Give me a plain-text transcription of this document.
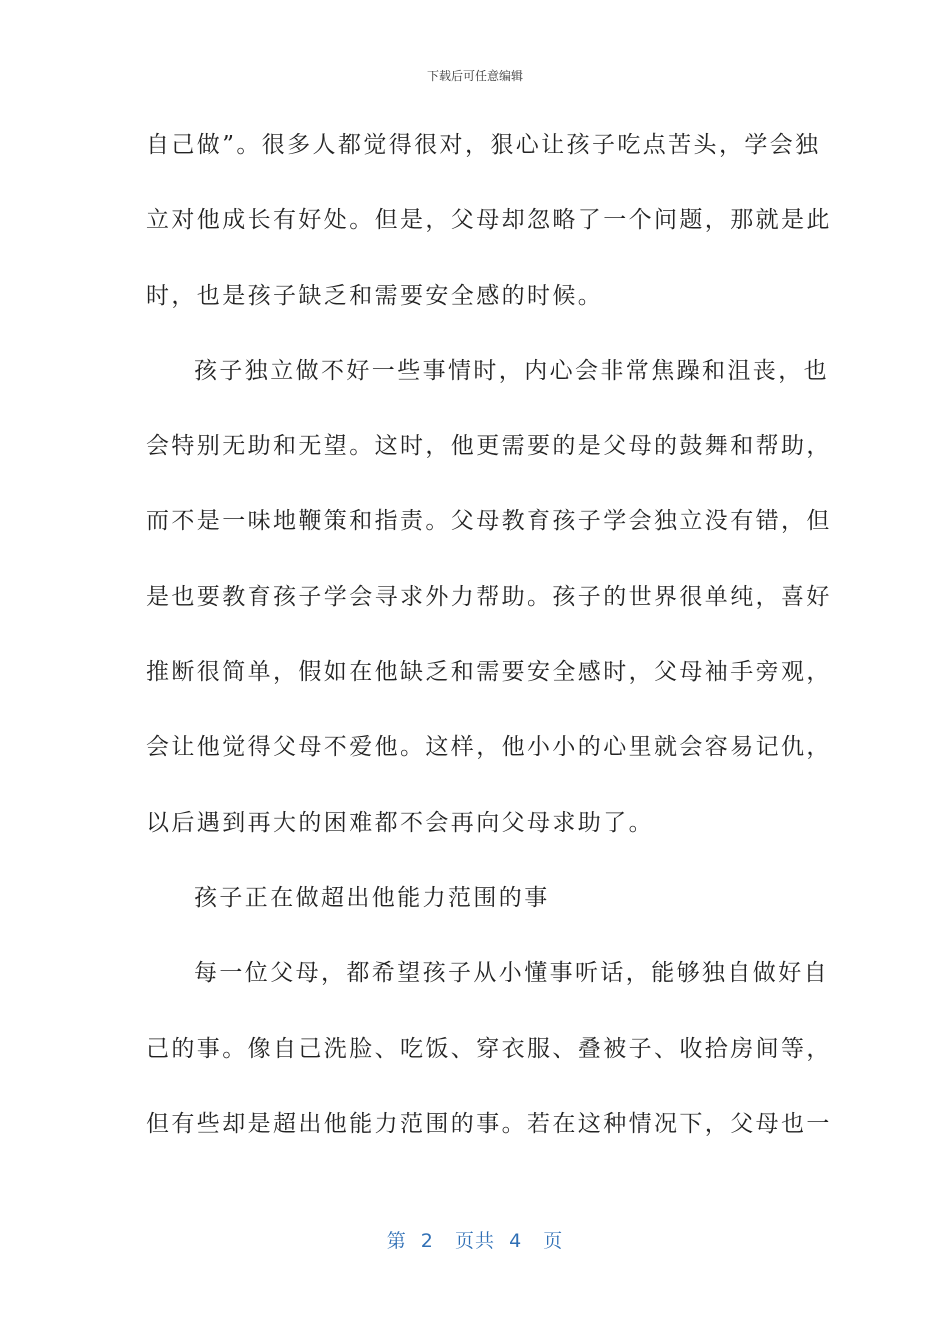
下载后可任意编辑
自己做”。很多人都觉得很对，狠心让孩子吃点苦头，学会独
立对他成长有好处。但是，父母却忽略了一个问题，那就是此
时，也是孩子缺乏和需要安全感的时候。
孩子独立做不好一些事情时，内心会非常焦躁和沮丧，也
会特别无助和无望。这时，他更需要的是父母的鼓舞和帮助，
而不是一味地鞭策和指责。父母教育孩子学会独立没有错，但
是也要教育孩子学会寻求外力帮助。孩子的世界很单纯，喜好
推断很简单，假如在他缺乏和需要安全感时，父母袖手旁观，
会让他觉得父母不爱他。这样，他小小的心里就会容易记仇，
以后遇到再大的困难都不会再向父母求助了。
孩子正在做超出他能力范围的事
每一位父母，都希望孩子从小懂事听话，能够独自做好自
己的事。像自己洗脸、吃饭、穿衣服、叠被子、收拾房间等，
但有些却是超出他能力范围的事。若在这种情况下，父母也一
第  2   页共  4   页
